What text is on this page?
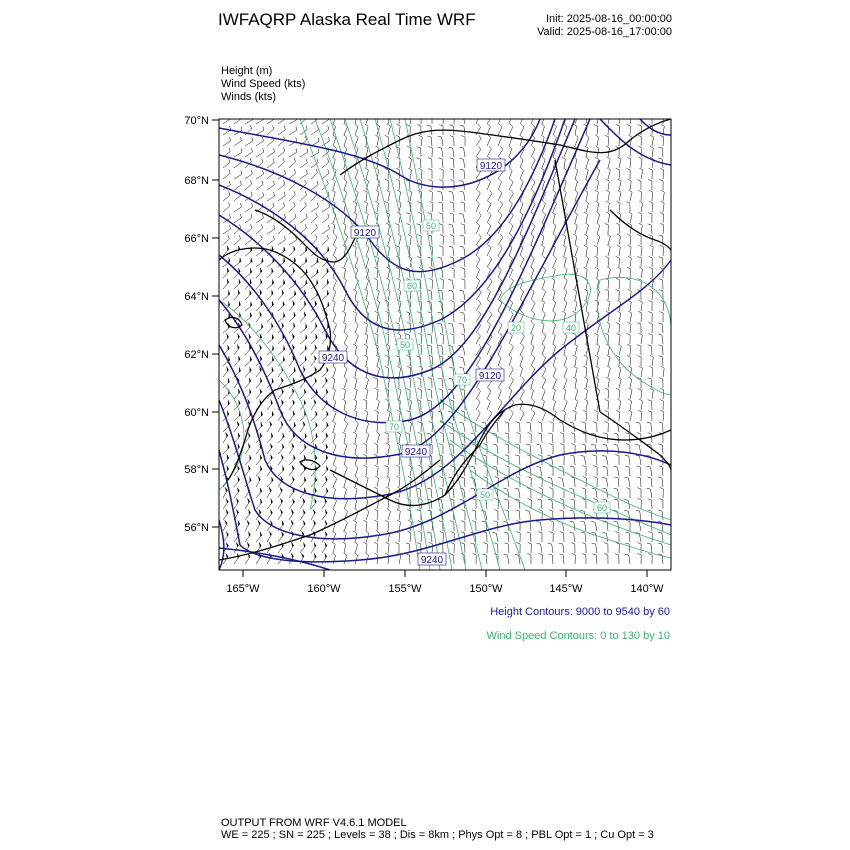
IWFAQRP Alaska Real Time WRF	Init: 2025-08-16_00:00:00
Valid: 2025-08-16_17:00:00
Height (m)
Wind Speed (kts)
Winds (kts)
9120
9120
9240
9120
9240
9240
50
60
50
70
40
20
70
50
60
70°N
68°N
66°N
64°N
62°N
60°N
58°N
56°N
165°W	160°W	155°W	150°W	145°W	140°W
Height Contours: 9000 to 9540 by 60
Wind Speed Contours: 0 to 130 by 10
OUTPUT FROM WRF V4.6.1 MODEL
WE = 225 ; SN = 225 ; Levels = 38 ; Dis = 8km ; Phys Opt = 8 ; PBL Opt = 1 ; Cu Opt = 3
